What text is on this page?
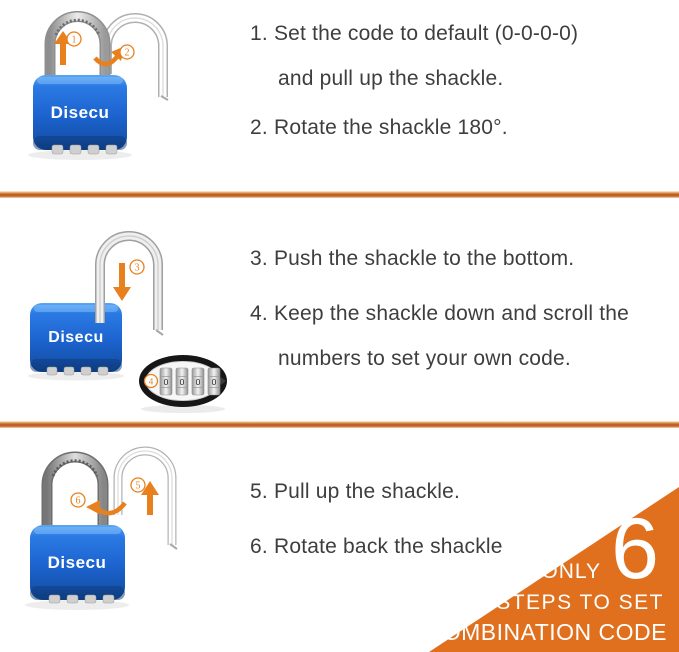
Disecu
1
2
1. Set the code to default (0-0-0-0)
and pull up the shackle.
2. Rotate the shackle 180°.
Disecu
3
0 0 0 0
4
3. Push the shackle to the bottom.
4. Keep the shackle down and scroll the
numbers to set your own code.
Disecu
5
6	5. Pull up the shackle.
6. Rotate back the shackle
ONLY 6
STEPS TO SET
COMBINATION CODE
